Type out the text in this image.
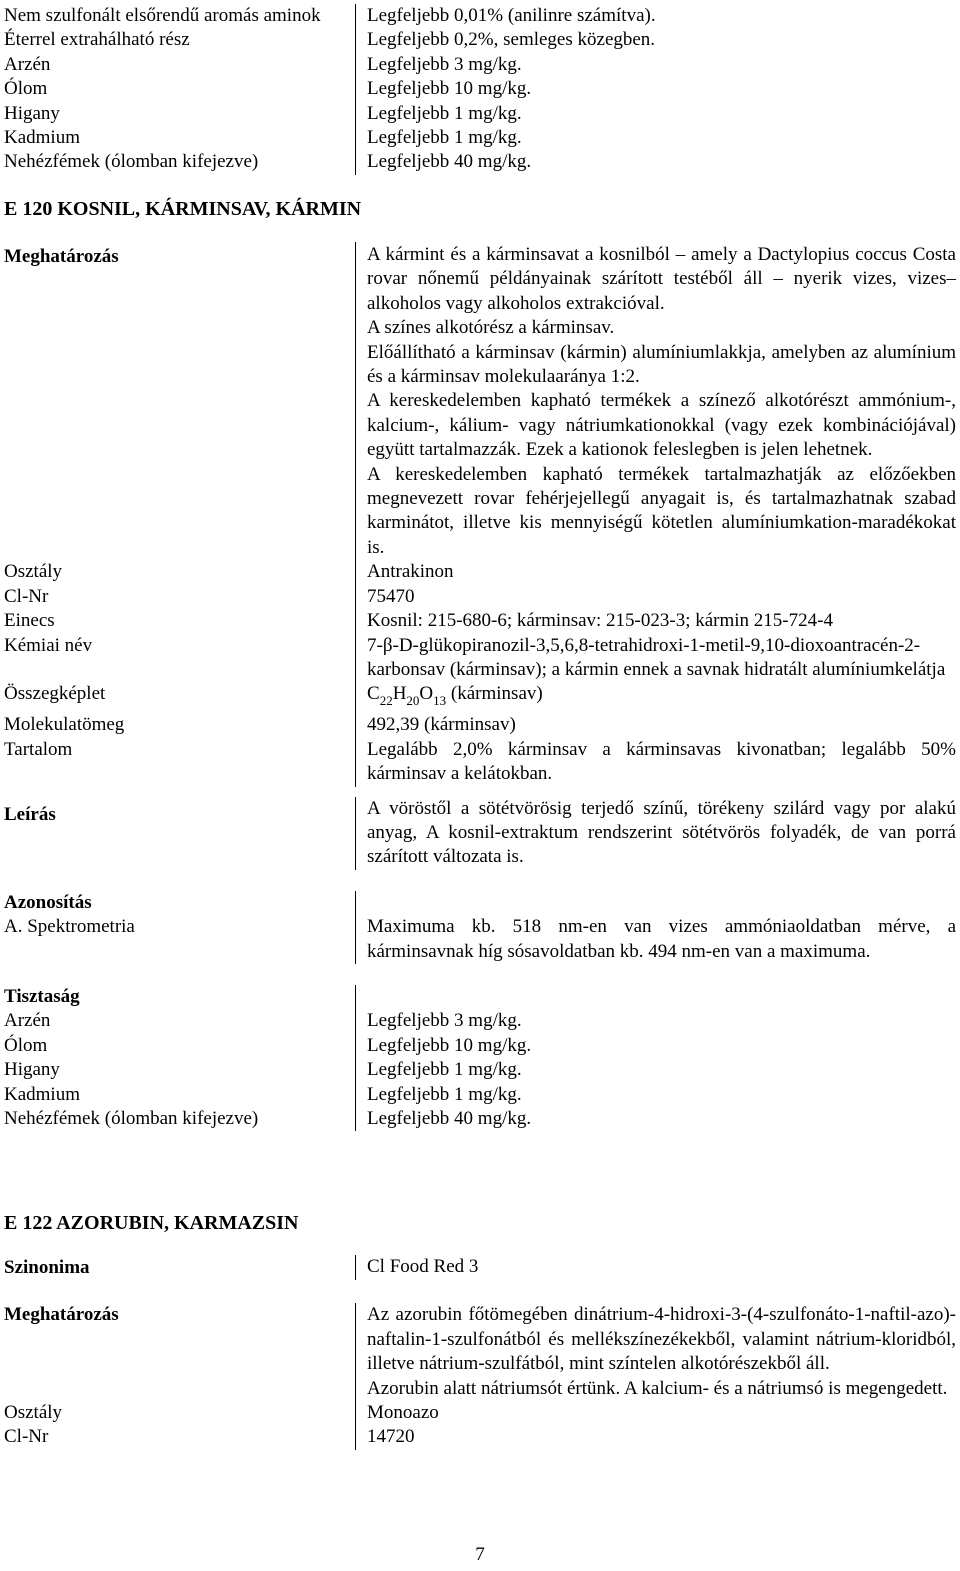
Nem szulfonált elsőrendű aromás aminok	Legfeljebb 0,01% (anilinre számítva).
Éterrel extrahálható rész	Legfeljebb 0,2%, semleges közegben.
Arzén	Legfeljebb 3 mg/kg.
Ólom	Legfeljebb 10 mg/kg.
Higany	Legfeljebb 1 mg/kg.
Kadmium	Legfeljebb 1 mg/kg.
Nehézfémek (ólomban kifejezve)	Legfeljebb 40 mg/kg.
E 120 KOSNIL, KÁRMINSAV, KÁRMIN
Meghatározás	A kármint és a kárminsavat a kosnilból – amely a Dactylopius coccus Costa rovar nőnemű példányainak szárított testéből áll – nyerik vizes, vizes–alkoholos vagy alkoholos extrakcióval.
A színes alkotórész a kárminsav.
Előállítható a kárminsav (kármin) alumíniumlakkja, amelyben az alumínium és a kárminsav molekulaaránya 1:2.
A kereskedelemben kapható termékek a színező alkotórészt ammónium-, kalcium-, kálium- vagy nátriumkationokkal (vagy ezek kombinációjával) együtt tartalmazzák. Ezek a kationok feleslegben is jelen lehetnek.
A kereskedelemben kapható termékek tartalmazhatják az előzőekben megnevezett rovar fehérjejellegű anyagait is, és tartalmazhatnak szabad karminátot, illetve kis mennyiségű kötetlen alumíniumkation-maradékokat is.
Osztály	Antrakinon
Cl-Nr	75470
Einecs	Kosnil: 215-680-6; kárminsav: 215-023-3; kármin 215-724-4
Kémiai név	7-β-D-glükopiranozil-3,5,6,8-tetrahidroxi-1-metil-9,10-dioxoantracén-2-karbonsav (kárminsav); a kármin ennek a savnak hidratált alumíniumkelátja
Összegképlet	$C_{22}H_{20}O_{13}$ (kárminsav)
Molekulatömeg	492,39 (kárminsav)
Tartalom	Legalább 2,0% kárminsav a kárminsavas kivonatban; legalább 50% kárminsav a kelátokban.
Leírás	A vöröstől a sötétvörösig terjedő színű, törékeny szilárd vagy por alakú anyag, A kosnil-extraktum rendszerint sötétvörös folyadék, de van porrá szárított változata is.
Azonosítás

A. Spektrometria	Maximuma kb. 518 nm-en van vizes ammóniaoldatban mérve, a kárminsavnak híg sósavoldatban kb. 494 nm-en van a maximuma.
Tisztaság

Arzén	Legfeljebb 3 mg/kg.
Ólom	Legfeljebb 10 mg/kg.
Higany	Legfeljebb 1 mg/kg.
Kadmium	Legfeljebb 1 mg/kg.
Nehézfémek (ólomban kifejezve)	Legfeljebb 40 mg/kg.
E 122 AZORUBIN, KARMAZSIN
Szinonima	Cl Food Red 3
Meghatározás	Az azorubin főtömegében dinátrium-4-hidroxi-3-(4-szulfonáto-1-naftil-azo)-naftalin-1-szulfonátból és mellékszínezékekből, valamint nátrium-kloridból, illetve nátrium-szulfátból, mint színtelen alkotórészekből áll.
Azorubin alatt nátriumsót értünk. A kalcium- és a nátriumsó is megengedett.
Osztály	Monoazo
Cl-Nr	14720
7
